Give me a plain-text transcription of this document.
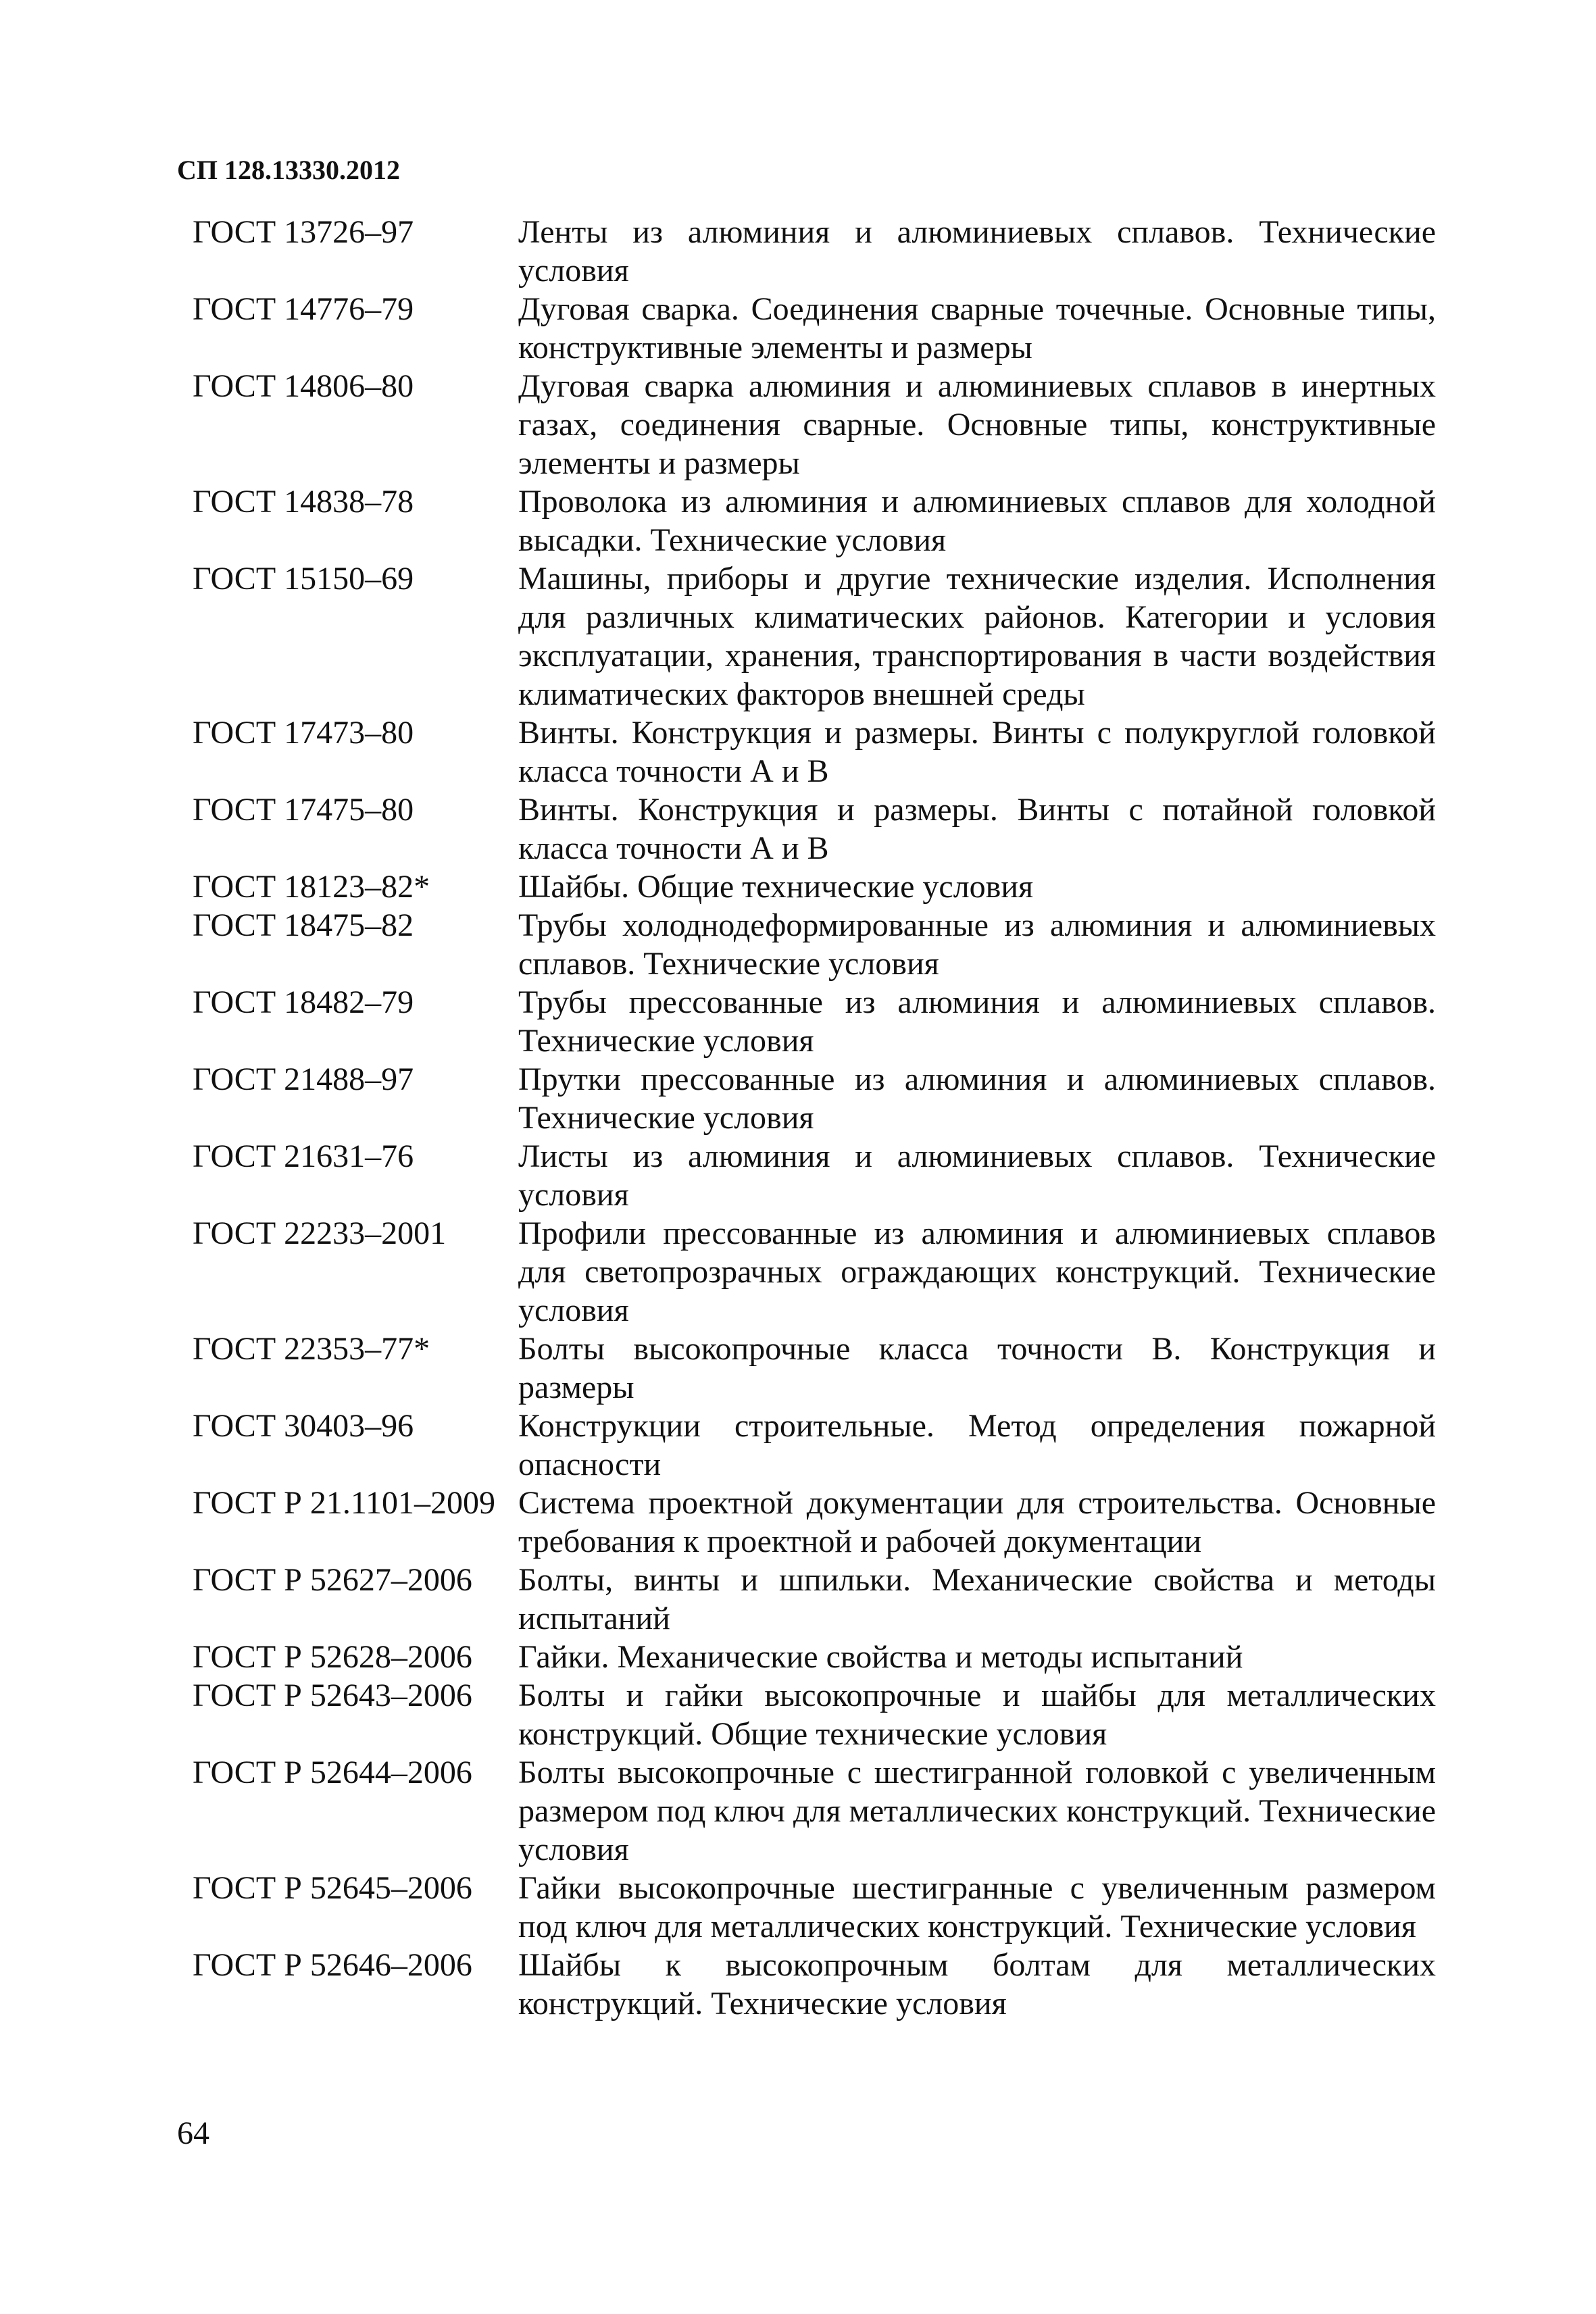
СП 128.13330.2012
ГОСТ 13726–97	Ленты из алюминия и алюминиевых сплавов. Технические условия
ГОСТ 14776–79	Дуговая сварка. Соединения сварные точечные. Основные типы, конструктивные элементы и размеры
ГОСТ 14806–80	Дуговая сварка алюминия и алюминиевых сплавов в инертных газах, соединения сварные. Основные типы, конструктивные элементы и размеры
ГОСТ 14838–78	Проволока из алюминия и алюминиевых сплавов для холодной высадки. Технические условия
ГОСТ 15150–69	Машины, приборы и другие технические изделия. Исполнения для различных климатических районов. Категории и условия эксплуатации, хранения, транспортирования в части воздействия климатических факторов внешней среды
ГОСТ 17473–80	Винты. Конструкция и размеры. Винты с полукруглой головкой класса точности А и В
ГОСТ 17475–80	Винты. Конструкция и размеры. Винты с потайной головкой класса точности А и В
ГОСТ 18123–82*	Шайбы. Общие технические условия
ГОСТ 18475–82	Трубы холоднодеформированные из алюминия и алюминиевых сплавов. Технические условия
ГОСТ 18482–79	Трубы прессованные из алюминия и алюминиевых сплавов. Технические условия
ГОСТ 21488–97	Прутки прессованные из алюминия и алюминиевых сплавов. Технические условия
ГОСТ 21631–76	Листы из алюминия и алюминиевых сплавов. Технические условия
ГОСТ 22233–2001	Профили прессованные из алюминия и алюминиевых сплавов для светопрозрачных ограждающих конструкций. Технические условия
ГОСТ 22353–77*	Болты высокопрочные класса точности В. Конструкция и размеры
ГОСТ 30403–96	Конструкции строительные. Метод определения пожарной опасности
ГОСТ Р 21.1101–2009 Система проектной документации для строительства. Основные требования к проектной и рабочей документации
ГОСТ Р 52627–2006	Болты, винты и шпильки. Механические свойства и методы испытаний
ГОСТ Р 52628–2006	Гайки. Механические свойства и методы испытаний
ГОСТ Р 52643–2006	Болты и гайки высокопрочные и шайбы для металлических конструкций. Общие технические условия
ГОСТ Р 52644–2006	Болты высокопрочные с шестигранной головкой с увеличенным размером под ключ для металлических конструкций. Технические условия
ГОСТ Р 52645–2006	Гайки высокопрочные шестигранные с увеличенным размером под ключ для металлических конструкций. Технические условия
ГОСТ Р 52646–2006	Шайбы к высокопрочным болтам для металлических конструкций. Технические условия
64
